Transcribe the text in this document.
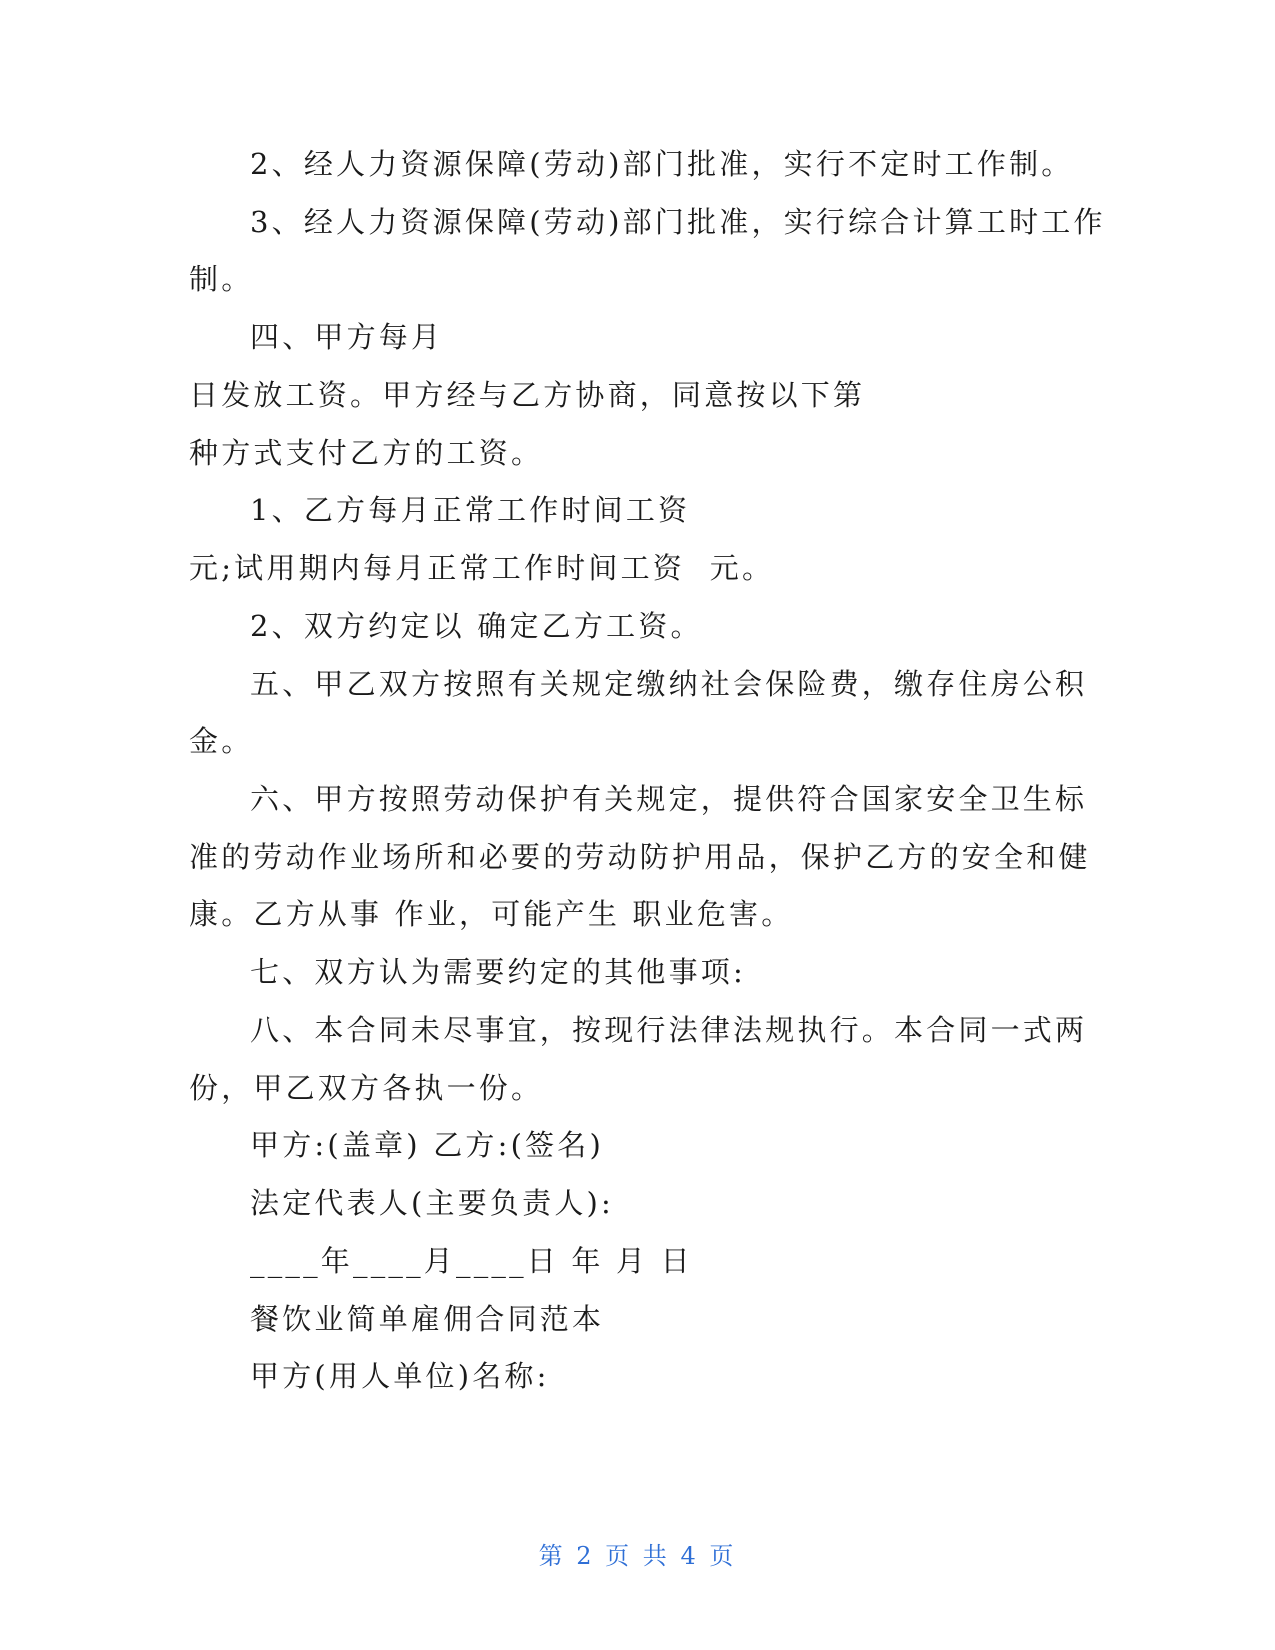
2、经人力资源保障(劳动)部门批准，实行不定时工作制。
3、经人力资源保障(劳动)部门批准，实行综合计算工时工作
制。
四、甲方每月
日发放工资。甲方经与乙方协商，同意按以下第
种方式支付乙方的工资。
1、乙方每月正常工作时间工资
元;试用期内每月正常工作时间工资  元。
2、双方约定以 确定乙方工资。
五、甲乙双方按照有关规定缴纳社会保险费，缴存住房公积
金。
六、甲方按照劳动保护有关规定，提供符合国家安全卫生标
准的劳动作业场所和必要的劳动防护用品，保护乙方的安全和健
康。乙方从事 作业，可能产生 职业危害。
七、双方认为需要约定的其他事项:
八、本合同未尽事宜，按现行法律法规执行。本合同一式两
份，甲乙双方各执一份。
甲方:(盖章) 乙方:(签名)
法定代表人(主要负责人):
____年____月____日 年 月 日
餐饮业简单雇佣合同范本
甲方(用人单位)名称:
第 2 页 共 4 页
